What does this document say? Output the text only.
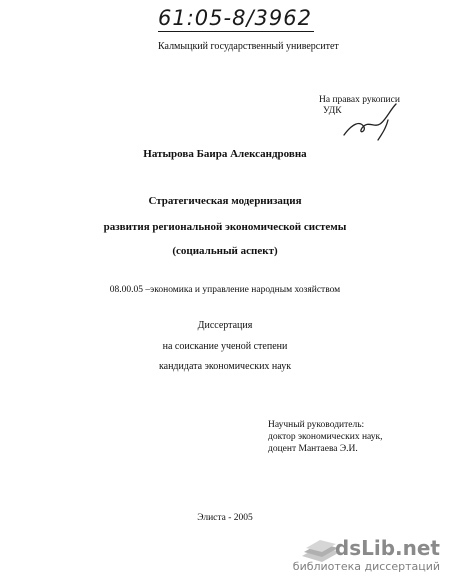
61:05-8/3962
Калмыцкий государственный университет
На правах рукописи
УДК
Натырова Баира Александровна
Стратегическая модернизация
развития региональной экономической системы
(социальный аспект)
08.00.05 –экономика и управление народным хозяйством
Диссертация
на соискание ученой степени
кандидата экономических наук
Научный руководитель:
доктор экономических наук,
доцент Мантаева Э.И.
Элиста - 2005
dsLib.net
библиотека диссертаций
